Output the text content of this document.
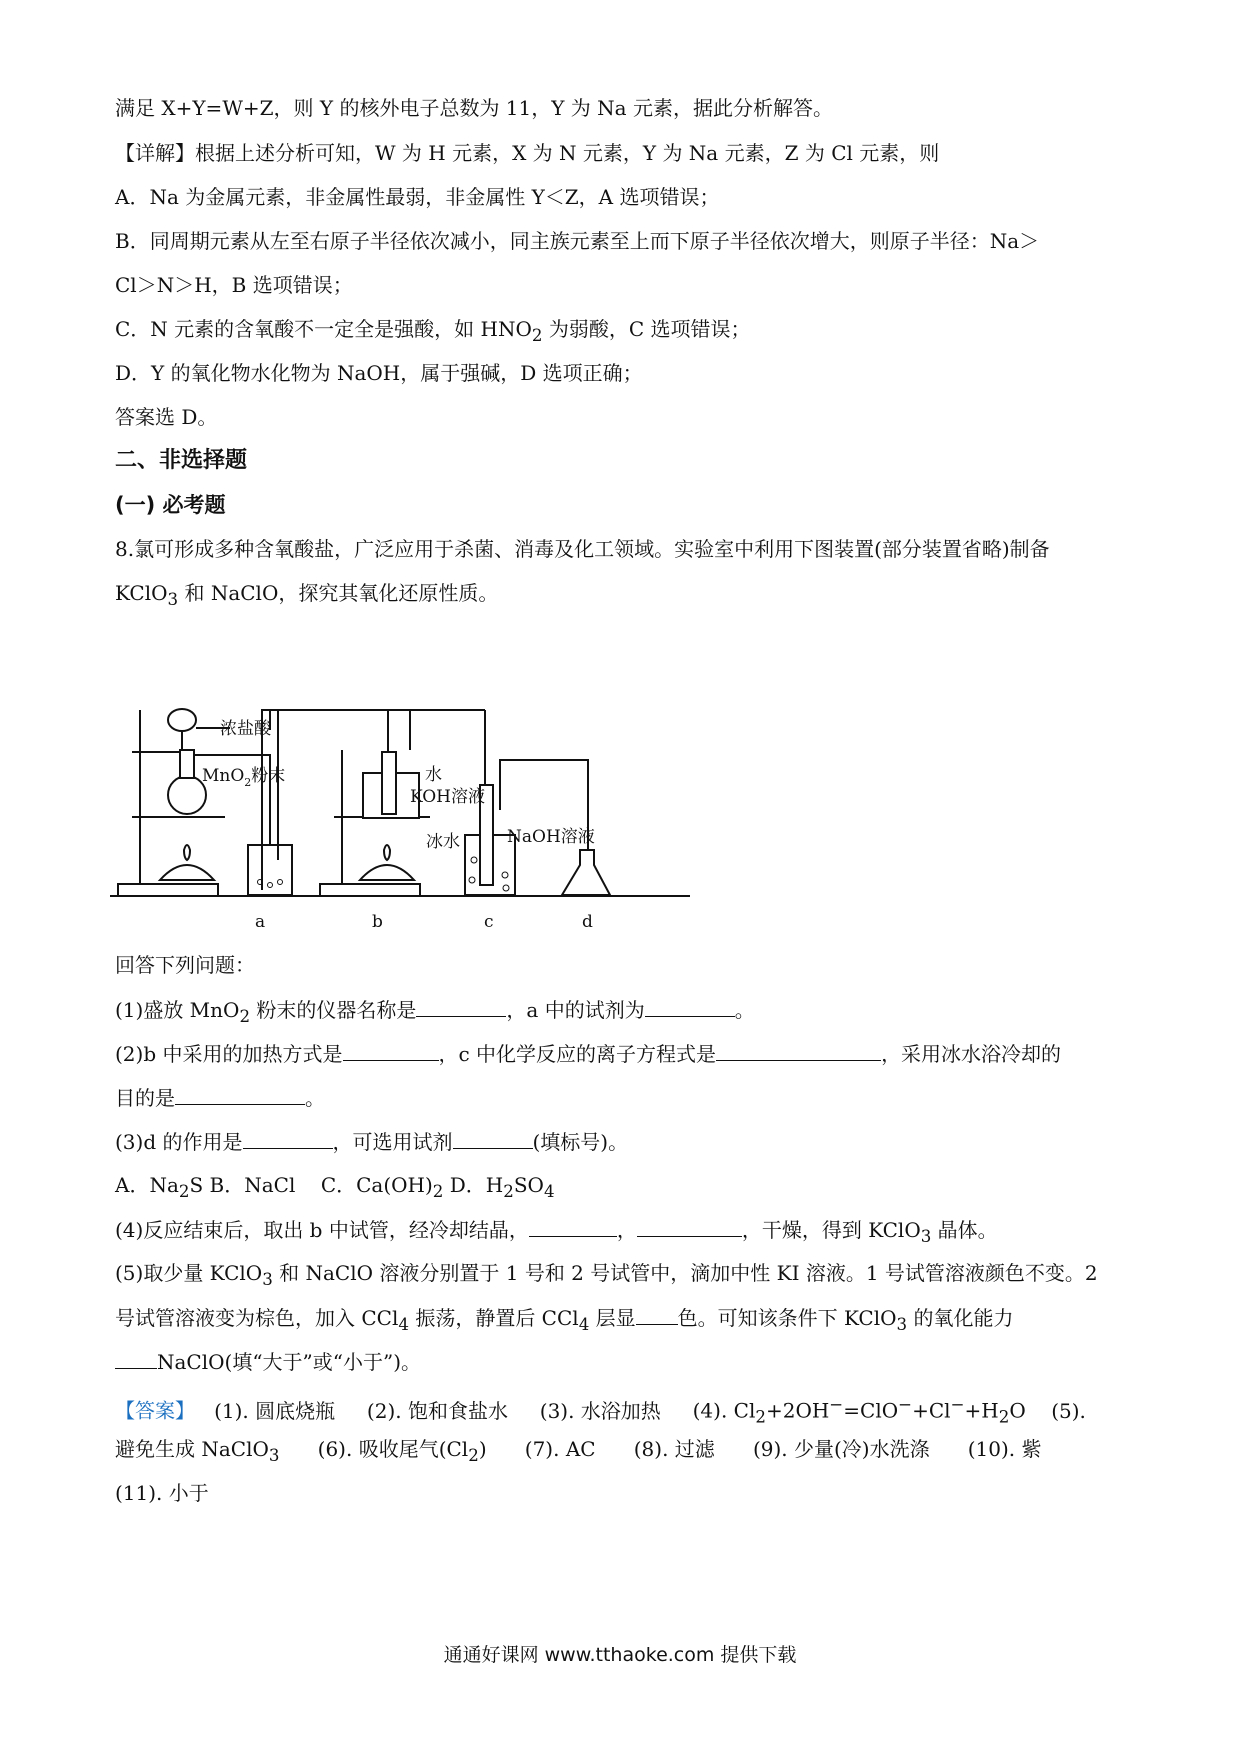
满足 X+Y=W+Z，则 Y 的核外电子总数为 11，Y 为 Na 元素，据此分析解答。
【详解】根据上述分析可知，W 为 H 元素，X 为 N 元素，Y 为 Na 元素，Z 为 Cl 元素，则
A．Na 为金属元素，非金属性最弱，非金属性 Y＜Z，A 选项错误；
B．同周期元素从左至右原子半径依次减小，同主族元素至上而下原子半径依次增大，则原子半径：Na＞
Cl＞N＞H，B 选项错误；
C．N 元素的含氧酸不一定全是强酸，如 $HNO_2$ 为弱酸，C 选项错误；
D．Y 的氧化物水化物为 NaOH，属于强碱，D 选项正确；
答案选 D。
二、非选择题
(一) 必考题
8.氯可形成多种含氧酸盐，广泛应用于杀菌、消毒及化工领域。实验室中利用下图装置(部分装置省略)制备
KClO$_3$ 和 NaClO，探究其氧化还原性质。
浓盐酸
MnO$_2$粉末	水
KOH溶液
冰水	NaOH溶液
a	b	c	d
回答下列问题：
(1)盛放 MnO$_2$ 粉末的仪器名称是	，a 中的试剂为	。
(2)b 中采用的加热方式是	，c 中化学反应的离子方程式是	，采用冰水浴冷却的
目的是	。
(3)d 的作用是	，可选用试剂	(填标号)。
A．$Na_2S$ B．NaCl C．$Ca(OH)_2$ D．$H_2SO_4$
(4)反应结束后，取出 b 中试管，经冷却结晶，	，	，干燥，得到 KClO$_3$ 晶体。
(5)取少量 KClO$_3$ 和 NaClO 溶液分别置于 1 号和 2 号试管中，滴加中性 KI 溶液。1 号试管溶液颜色不变。2
号试管溶液变为棕色，加入 CCl$_4$ 振荡，静置后 CCl$_4$ 层显 色。可知该条件下 KClO$_3$ 的氧化能力
NaClO(填“大于”或“小于”)。
【答案】 (1). 圆底烧瓶 (2). 饱和食盐水 (3). 水浴加热 (4). $Cl_2+2OH^-=ClO^-+Cl^-+H_2O$ (5).
避免生成 NaClO$_3$ (6). 吸收尾气$(Cl_2)$ (7). AC (8). 过滤 (9). 少量(冷)水洗涤 (10). 紫
(11). 小于
通通好课网 www.tthaoke.com 提供下载
